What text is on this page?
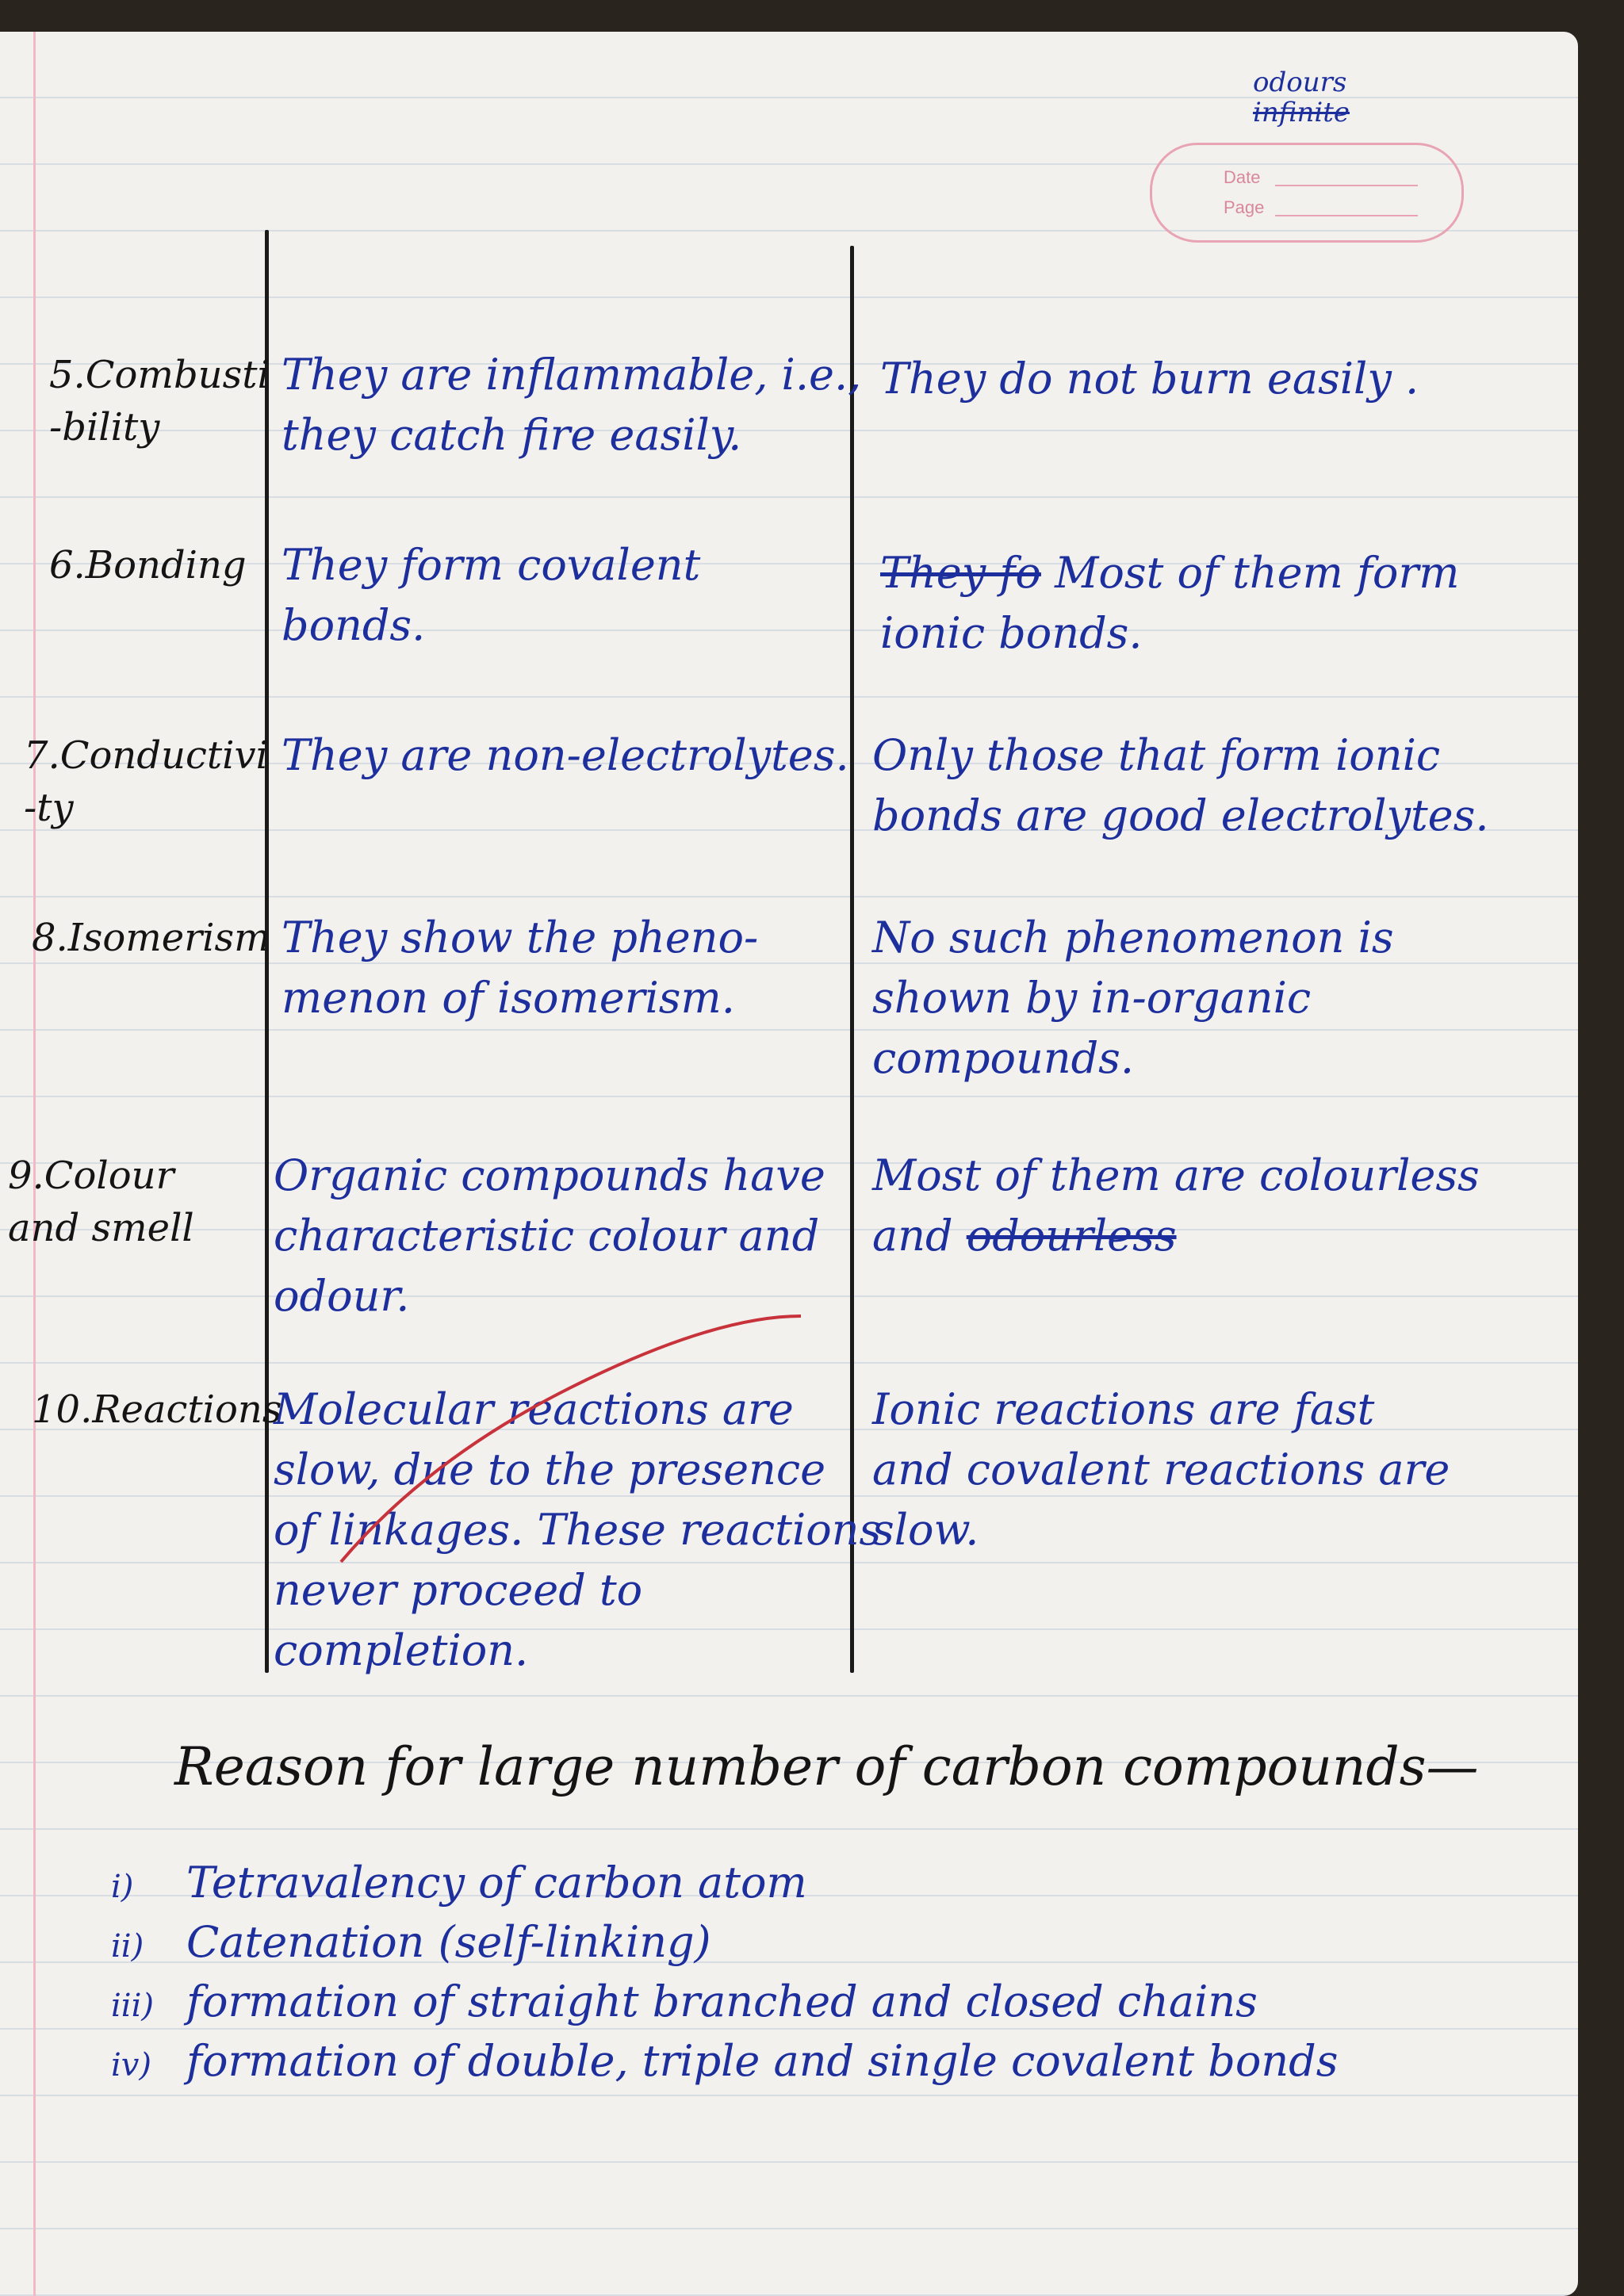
odours
infinite
Date
Page
5.Combusti
-bility
They are inflammable, i.e.,
they catch fire easily.
They do not burn easily .
6.Bonding They form covalent
bonds.
They fo Most of them form
ionic bonds.
7.Conductivi
-ty
They are non-electrolytes. Only those that form ionic
bonds are good electrolytes.
8.Isomerism They show the pheno-
menon of isomerism.
No such phenomenon is
shown by in-organic
compounds.
9.Colour
and smell
Organic compounds have
characteristic colour and
odour.
Most of them are colourless
and odourless
10.Reactions
Molecular reactions are
slow, due to the presence
of linkages. These reactions
never proceed to
completion.
Ionic reactions are fast
and covalent reactions are
slow.
Reason for large number of carbon compounds—
i) Tetravalency of carbon atom
ii) Catenation (self-linking)
iii) formation of straight branched and closed chains
iv) formation of double, triple and single covalent bonds
